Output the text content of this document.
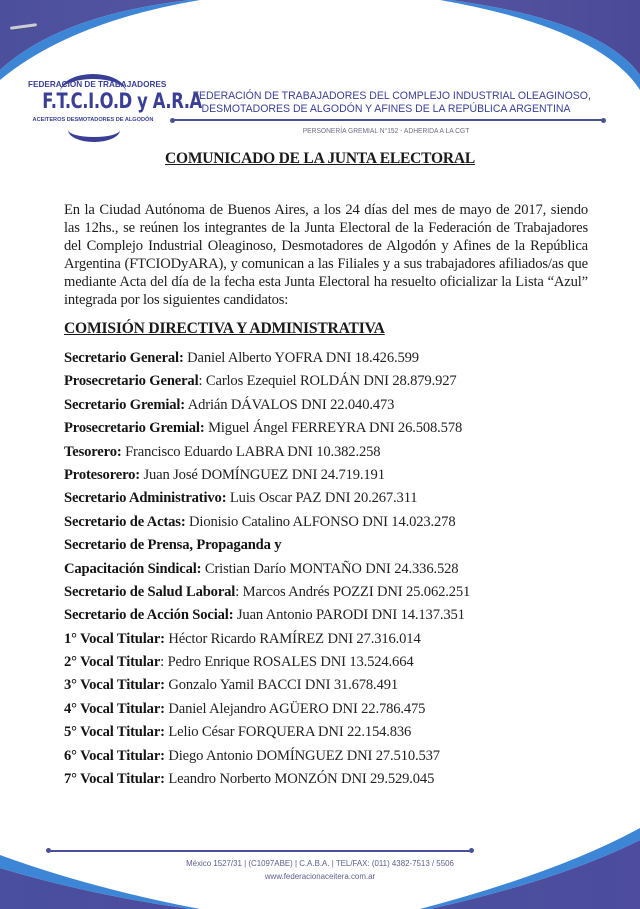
FEDERACIÓN DE TRABAJADORES
F.T.C.I.O.D y A.R.A
ACEITEROS DESMOTADORES DE ALGODÓN
FEDERACIÓN DE TRABAJADORES DEL COMPLEJO INDUSTRIAL OLEAGINOSO,
DESMOTADORES DE ALGODÓN Y AFINES DE LA REPÚBLICA ARGENTINA
PERSONERÍA GREMIAL N°152 - ADHERIDA A LA CGT
COMUNICADO DE LA JUNTA ELECTORAL
En la Ciudad Autónoma de Buenos Aires, a los 24 días del mes de mayo de 2017, siendo las 12hs., se reúnen los integrantes de la Junta Electoral de la Federación de Trabajadores del Complejo Industrial Oleaginoso, Desmotadores de Algodón y Afines de la República Argentina (FTCIODyARA), y comunican a las Filiales y a sus trabajadores afiliados/as que mediante Acta del día de la fecha esta Junta Electoral ha resuelto oficializar la Lista “Azul” integrada por los siguientes candidatos:
COMISIÓN DIRECTIVA Y ADMINISTRATIVA
Secretario General: Daniel Alberto YOFRA DNI 18.426.599
Prosecretario General: Carlos Ezequiel ROLDÁN DNI 28.879.927
Secretario Gremial: Adrián DÁVALOS DNI 22.040.473
Prosecretario Gremial: Miguel Ángel FERREYRA DNI 26.508.578
Tesorero: Francisco Eduardo LABRA DNI 10.382.258
Protesorero: Juan José DOMÍNGUEZ DNI 24.719.191
Secretario Administrativo: Luis Oscar PAZ DNI 20.267.311
Secretario de Actas: Dionisio Catalino ALFONSO DNI 14.023.278
Secretario de Prensa, Propaganda y
Capacitación Sindical: Cristian Darío MONTAÑO DNI 24.336.528
Secretario de Salud Laboral: Marcos Andrés POZZI DNI 25.062.251
Secretario de Acción Social: Juan Antonio PARODI DNI 14.137.351
1° Vocal Titular: Héctor Ricardo RAMÍREZ DNI 27.316.014
2° Vocal Titular: Pedro Enrique ROSALES DNI 13.524.664
3° Vocal Titular: Gonzalo Yamil BACCI DNI 31.678.491
4° Vocal Titular: Daniel Alejandro AGÜERO DNI 22.786.475
5° Vocal Titular: Lelio César FORQUERA DNI 22.154.836
6° Vocal Titular: Diego Antonio DOMÍNGUEZ DNI 27.510.537
7° Vocal Titular: Leandro Norberto MONZÓN DNI 29.529.045
México 1527/31 | (C1097ABE) | C.A.B.A. | TEL/FAX: (011) 4382-7513 / 5506
www.federacionaceitera.com.ar
